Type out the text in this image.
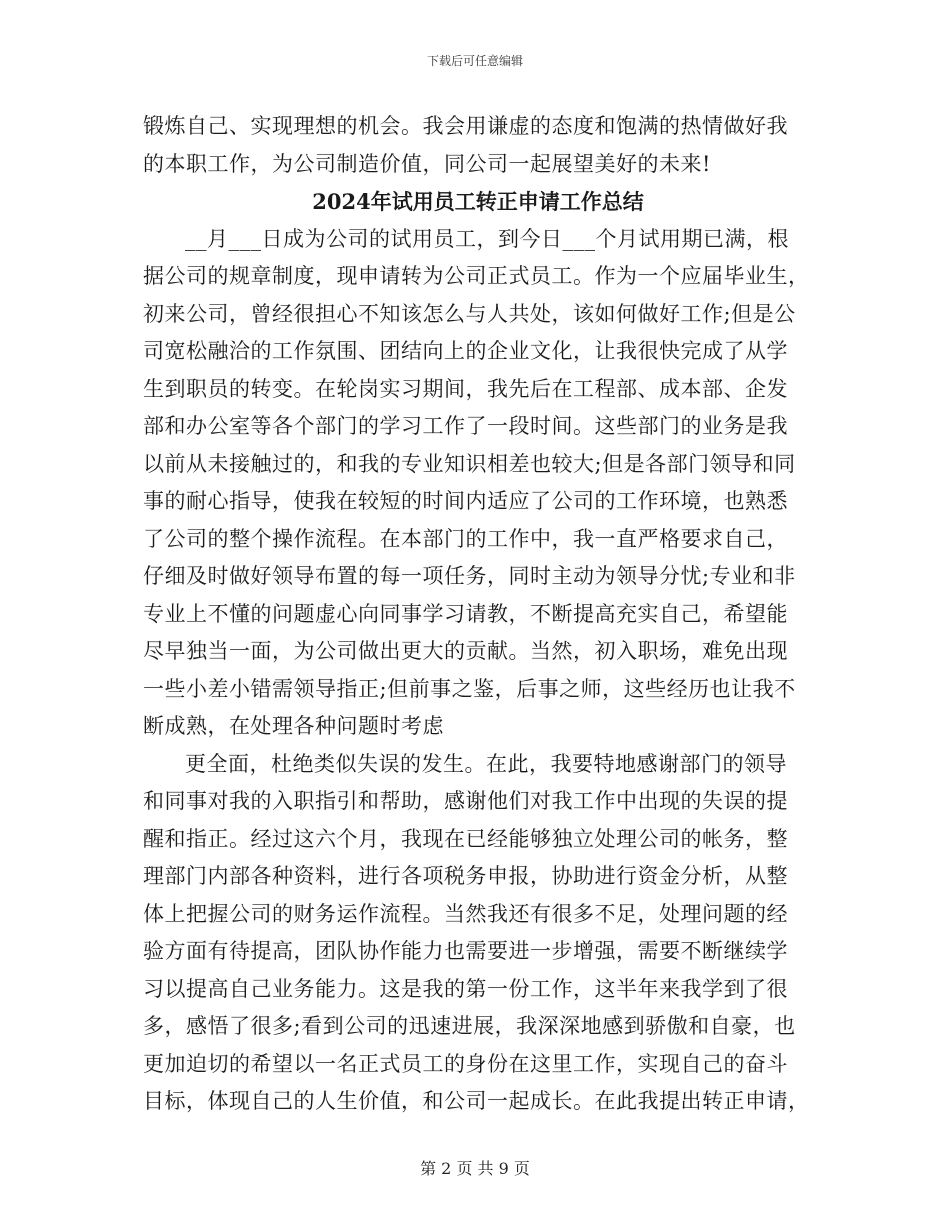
下载后可任意编辑
锻炼自己、实现理想的机会。我会用谦虚的态度和饱满的热情做好我
的本职工作，为公司制造价值，同公司一起展望美好的未来!
2024年试用员工转正申请工作总结
__月___日成为公司的试用员工，到今日___个月试用期已满，根
据公司的规章制度，现申请转为公司正式员工。作为一个应届毕业生，
初来公司，曾经很担心不知该怎么与人共处，该如何做好工作;但是公
司宽松融洽的工作氛围、团结向上的企业文化，让我很快完成了从学
生到职员的转变。在轮岗实习期间，我先后在工程部、成本部、企发
部和办公室等各个部门的学习工作了一段时间。这些部门的业务是我
以前从未接触过的，和我的专业知识相差也较大;但是各部门领导和同
事的耐心指导，使我在较短的时间内适应了公司的工作环境，也熟悉
了公司的整个操作流程。在本部门的工作中，我一直严格要求自己，
仔细及时做好领导布置的每一项任务，同时主动为领导分忧;专业和非
专业上不懂的问题虚心向同事学习请教，不断提高充实自己，希望能
尽早独当一面，为公司做出更大的贡献。当然，初入职场，难免出现
一些小差小错需领导指正;但前事之鉴，后事之师，这些经历也让我不
断成熟，在处理各种问题时考虑
更全面，杜绝类似失误的发生。在此，我要特地感谢部门的领导
和同事对我的入职指引和帮助，感谢他们对我工作中出现的失误的提
醒和指正。经过这六个月，我现在已经能够独立处理公司的帐务，整
理部门内部各种资料，进行各项税务申报，协助进行资金分析，从整
体上把握公司的财务运作流程。当然我还有很多不足，处理问题的经
验方面有待提高，团队协作能力也需要进一步增强，需要不断继续学
习以提高自己业务能力。这是我的第一份工作，这半年来我学到了很
多，感悟了很多;看到公司的迅速进展，我深深地感到骄傲和自豪，也
更加迫切的希望以一名正式员工的身份在这里工作，实现自己的奋斗
目标，体现自己的人生价值，和公司一起成长。在此我提出转正申请，
第 2 页 共 9 页
